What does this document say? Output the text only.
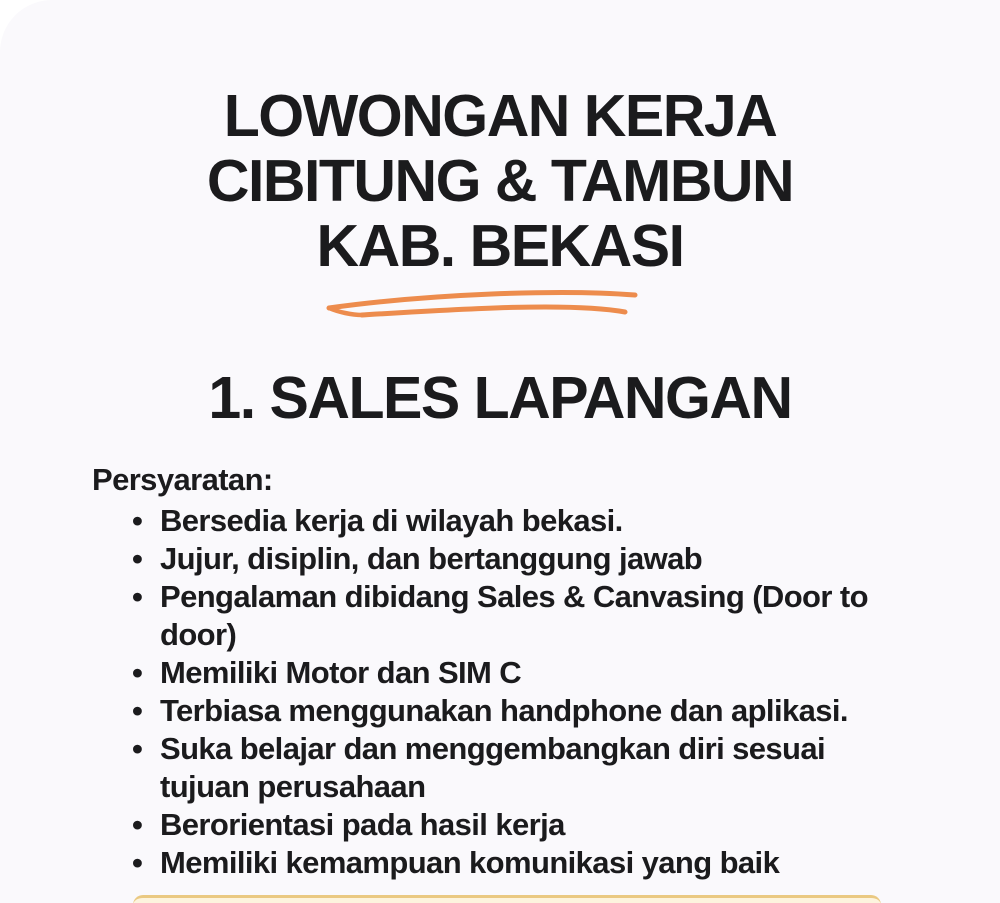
LOWONGAN KERJA
CIBITUNG & TAMBUN
KAB. BEKASI
1. SALES LAPANGAN
Persyaratan:
• Bersedia kerja di wilayah bekasi.
• Jujur, disiplin, dan bertanggung jawab
• Pengalaman dibidang Sales & Canvasing (Door to door)
• Memiliki Motor dan SIM C
• Terbiasa menggunakan handphone dan aplikasi.
• Suka belajar dan menggembangkan diri sesuai tujuan perusahaan
• Berorientasi pada hasil kerja
• Memiliki kemampuan komunikasi yang baik
